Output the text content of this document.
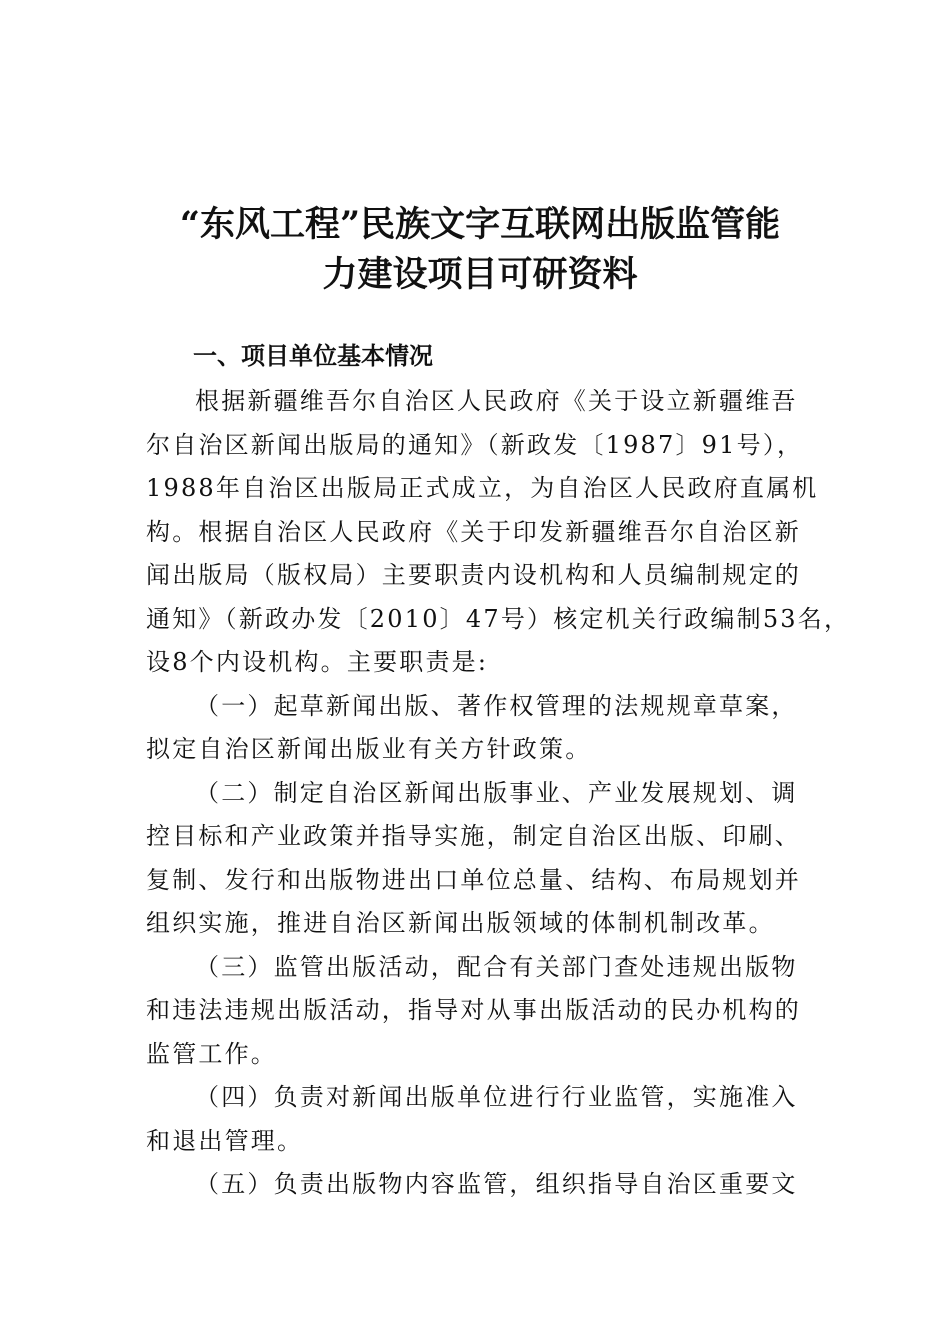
“东风工程”民族文字互联网出版监管能
力建设项目可研资料
一、项目单位基本情况
根据新疆维吾尔自治区人民政府《关于设立新疆维吾
尔自治区新闻出版局的通知》（新政发〔1987〕91号），
1988年自治区出版局正式成立，为自治区人民政府直属机
构。根据自治区人民政府《关于印发新疆维吾尔自治区新
闻出版局（版权局）主要职责内设机构和人员编制规定的
通知》（新政办发〔2010〕47号）核定机关行政编制53名，
设8个内设机构。主要职责是:
（一）起草新闻出版、著作权管理的法规规章草案，
拟定自治区新闻出版业有关方针政策。
（二）制定自治区新闻出版事业、产业发展规划、调
控目标和产业政策并指导实施，制定自治区出版、印刷、
复制、发行和出版物进出口单位总量、结构、布局规划并
组织实施，推进自治区新闻出版领域的体制机制改革。
（三）监管出版活动，配合有关部门查处违规出版物
和违法违规出版活动，指导对从事出版活动的民办机构的
监管工作。
（四）负责对新闻出版单位进行行业监管，实施准入
和退出管理。
（五）负责出版物内容监管，组织指导自治区重要文
